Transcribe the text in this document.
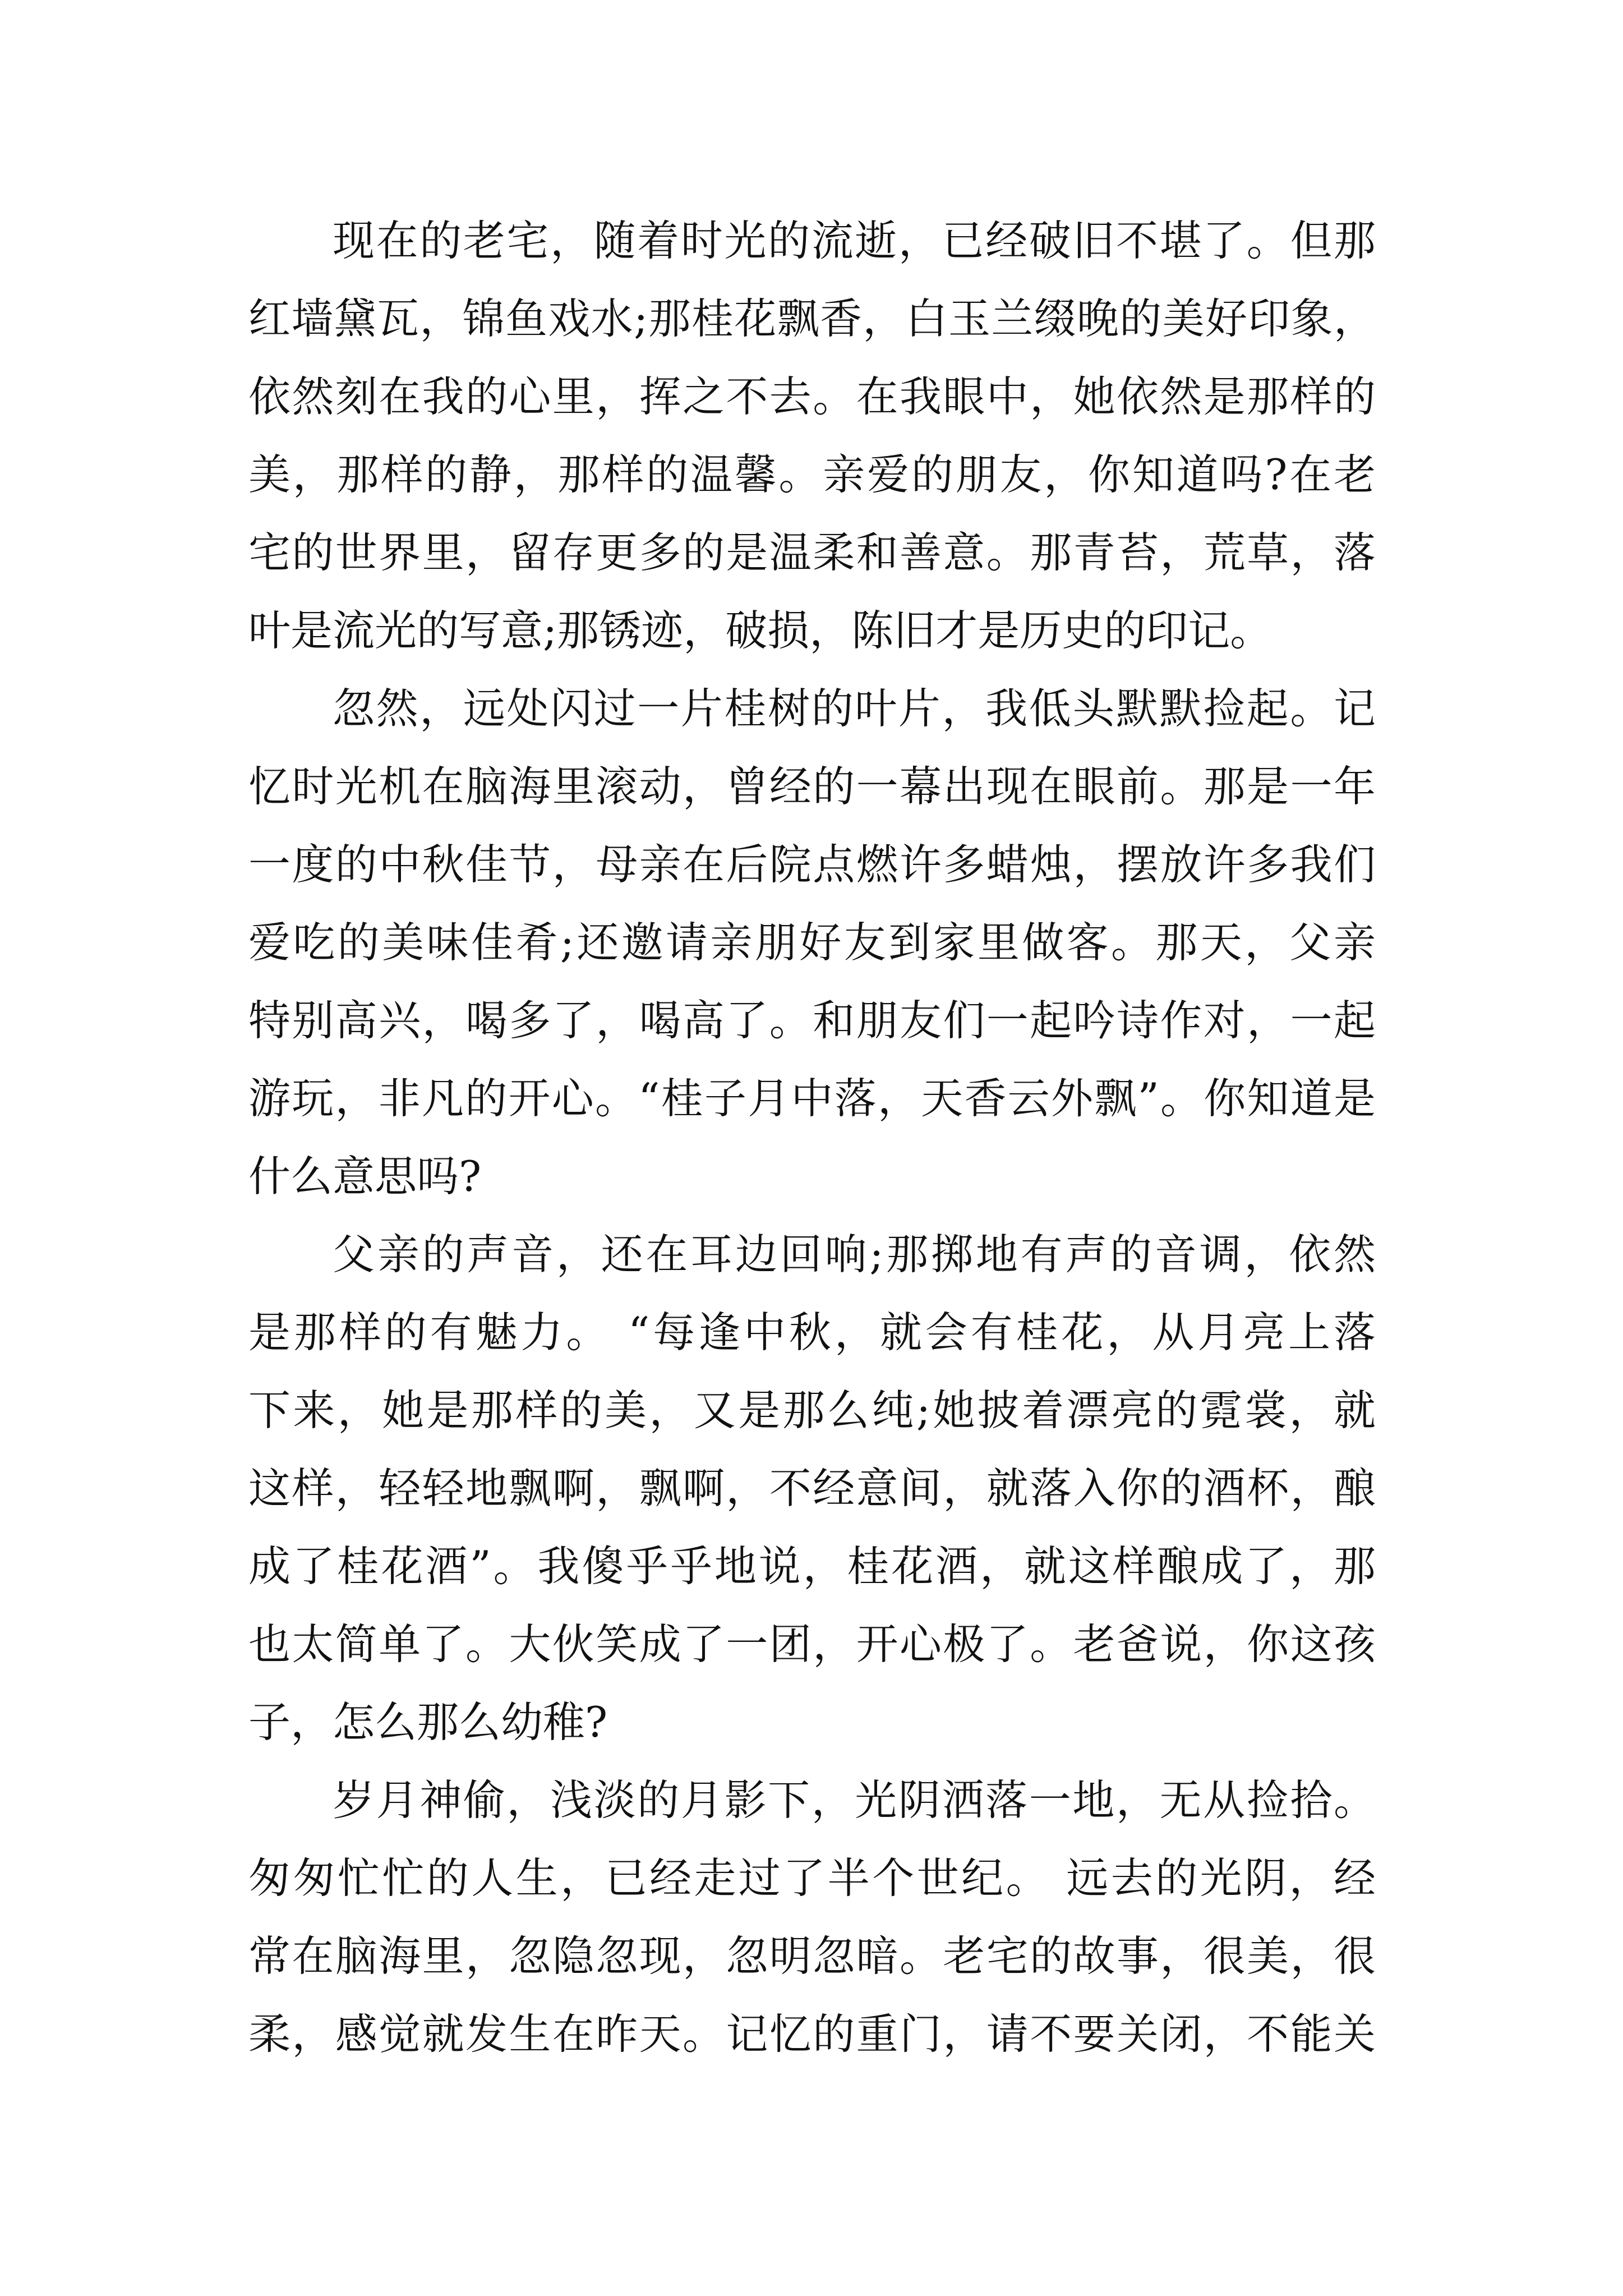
现在的老宅，随着时光的流逝，已经破旧不堪了。但那
红墙黛瓦，锦鱼戏水;那桂花飘香，白玉兰缀晚的美好印象，
依然刻在我的心里，挥之不去。在我眼中，她依然是那样的
美，那样的静，那样的温馨。亲爱的朋友，你知道吗?在老
宅的世界里，留存更多的是温柔和善意。那青苔，荒草，落
叶是流光的写意;那锈迹，破损，陈旧才是历史的印记。
忽然，远处闪过一片桂树的叶片，我低头默默捡起。记
忆时光机在脑海里滚动，曾经的一幕出现在眼前。那是一年
一度的中秋佳节，母亲在后院点燃许多蜡烛，摆放许多我们
爱吃的美味佳肴;还邀请亲朋好友到家里做客。那天，父亲
特别高兴，喝多了，喝高了。和朋友们一起吟诗作对，一起
游玩，非凡的开心。“桂子月中落，天香云外飘”。你知道是
什么意思吗?
父亲的声音，还在耳边回响;那掷地有声的音调，依然
是那样的有魅力。 “每逢中秋，就会有桂花，从月亮上落
下来，她是那样的美，又是那么纯;她披着漂亮的霓裳，就
这样，轻轻地飘啊，飘啊，不经意间，就落入你的酒杯，酿
成了桂花酒”。我傻乎乎地说，桂花酒，就这样酿成了，那
也太简单了。大伙笑成了一团，开心极了。老爸说，你这孩
子，怎么那么幼稚?
岁月神偷，浅淡的月影下，光阴洒落一地，无从捡拾。
匆匆忙忙的人生，已经走过了半个世纪。 远去的光阴，经
常在脑海里，忽隐忽现，忽明忽暗。老宅的故事，很美，很
柔，感觉就发生在昨天。记忆的重门，请不要关闭，不能关
